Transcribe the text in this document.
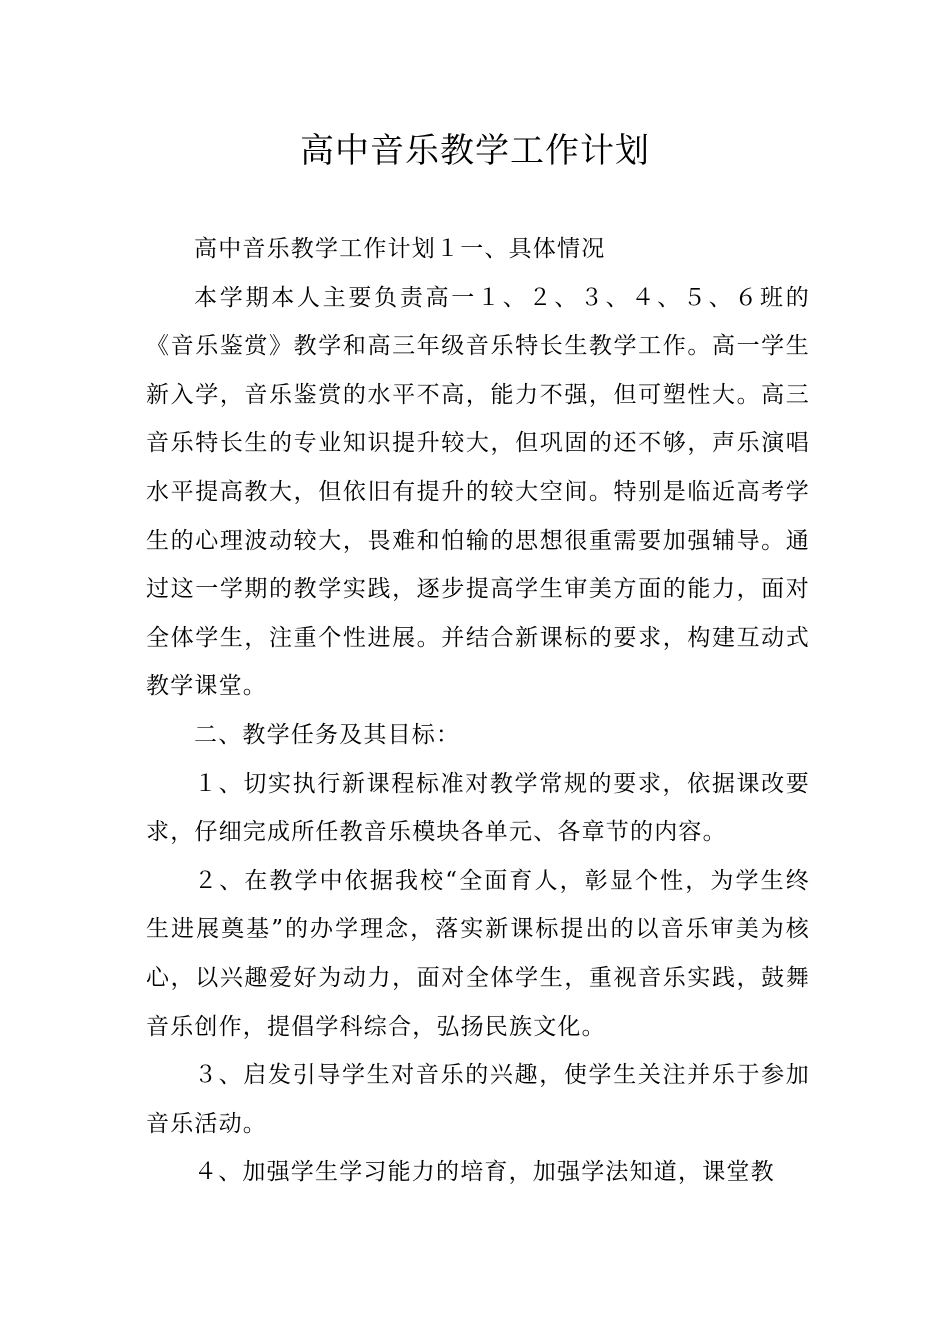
高中音乐教学工作计划

高中音乐教学工作计划１一、具体情况

本学期本人主要负责高一１、２、３、４、５、６班的《音乐鉴赏》教学和高三年级音乐特长生教学工作。高一学生新入学，音乐鉴赏的水平不高，能力不强，但可塑性大。高三音乐特长生的专业知识提升较大，但巩固的还不够，声乐演唱水平提高教大，但依旧有提升的较大空间。特别是临近高考学生的心理波动较大，畏难和怕输的思想很重需要加强辅导。通过这一学期的教学实践，逐步提高学生审美方面的能力，面对全体学生，注重个性进展。并结合新课标的要求，构建互动式教学课堂。

二、教学任务及其目标：

１、切实执行新课程标准对教学常规的要求，依据课改要求，仔细完成所任教音乐模块各单元、各章节的内容。

２、在教学中依据我校“全面育人，彰显个性，为学生终生进展奠基”的办学理念，落实新课标提出的以音乐审美为核心，以兴趣爱好为动力，面对全体学生，重视音乐实践，鼓舞音乐创作，提倡学科综合，弘扬民族文化。

３、启发引导学生对音乐的兴趣，使学生关注并乐于参加音乐活动。

４、加强学生学习能力的培育，加强学法知道，课堂教
